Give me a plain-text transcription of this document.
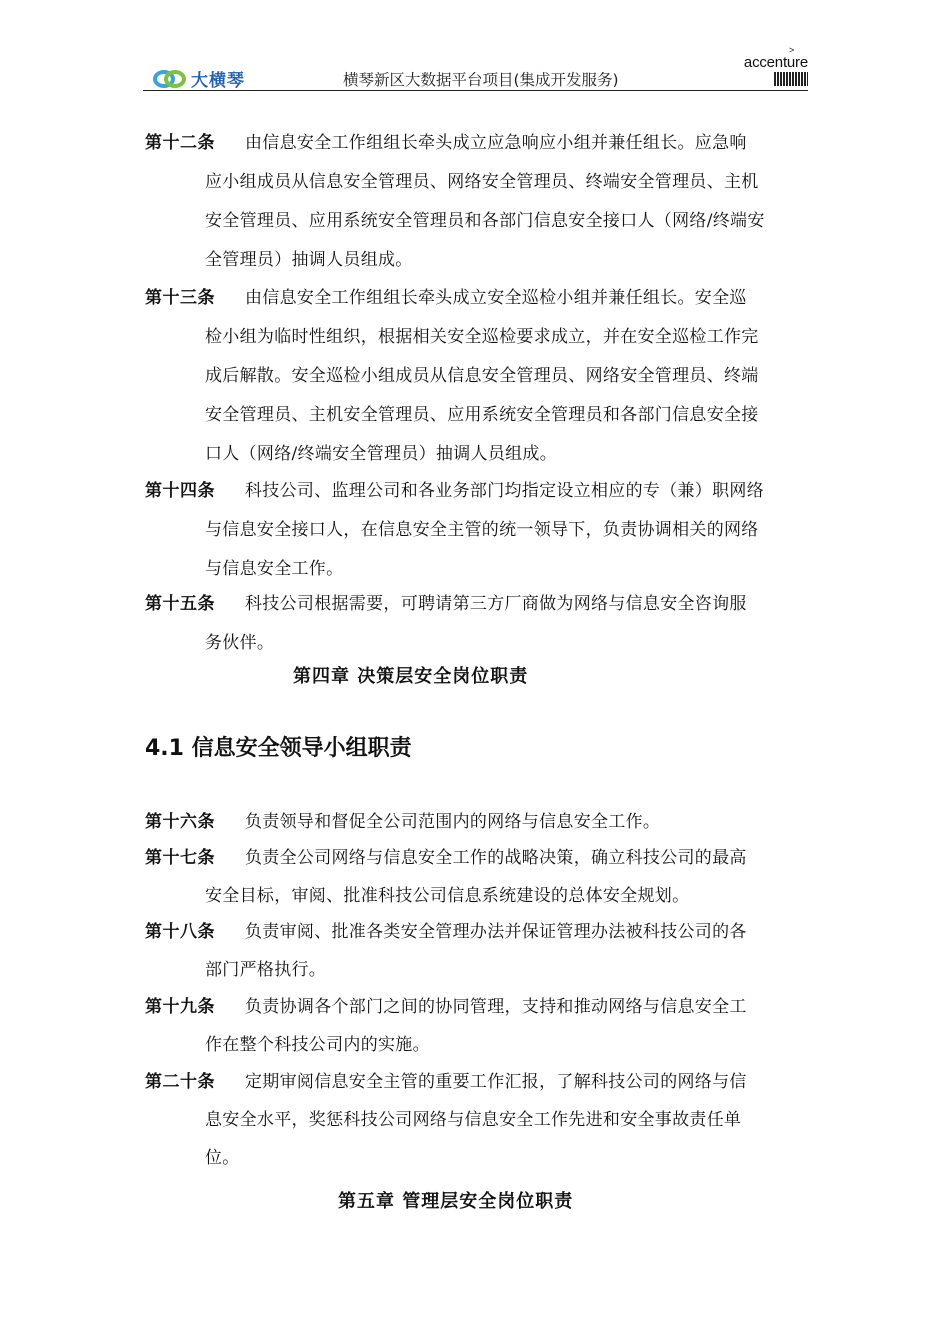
大横琴	横琴新区大数据平台项目(集成开发服务)
>
accenture
第十二条 由信息安全工作组组长牵头成立应急响应小组并兼任组长。应急响
应小组成员从信息安全管理员、网络安全管理员、终端安全管理员、主机
安全管理员、应用系统安全管理员和各部门信息安全接口人（网络/终端安
全管理员）抽调人员组成。
第十三条 由信息安全工作组组长牵头成立安全巡检小组并兼任组长。安全巡
检小组为临时性组织，根据相关安全巡检要求成立，并在安全巡检工作完
成后解散。安全巡检小组成员从信息安全管理员、网络安全管理员、终端
安全管理员、主机安全管理员、应用系统安全管理员和各部门信息安全接
口人（网络/终端安全管理员）抽调人员组成。
第十四条 科技公司、监理公司和各业务部门均指定设立相应的专（兼）职网络
与信息安全接口人，在信息安全主管的统一领导下，负责协调相关的网络
与信息安全工作。
第十五条 科技公司根据需要，可聘请第三方厂商做为网络与信息安全咨询服
务伙伴。
第四章 决策层安全岗位职责
4.1 信息安全领导小组职责
第十六条 负责领导和督促全公司范围内的网络与信息安全工作。
第十七条 负责全公司网络与信息安全工作的战略决策，确立科技公司的最高
安全目标，审阅、批准科技公司信息系统建设的总体安全规划。
第十八条 负责审阅、批准各类安全管理办法并保证管理办法被科技公司的各
部门严格执行。
第十九条 负责协调各个部门之间的协同管理，支持和推动网络与信息安全工
作在整个科技公司内的实施。
第二十条 定期审阅信息安全主管的重要工作汇报，了解科技公司的网络与信
息安全水平，奖惩科技公司网络与信息安全工作先进和安全事故责任单
位。
第五章 管理层安全岗位职责
